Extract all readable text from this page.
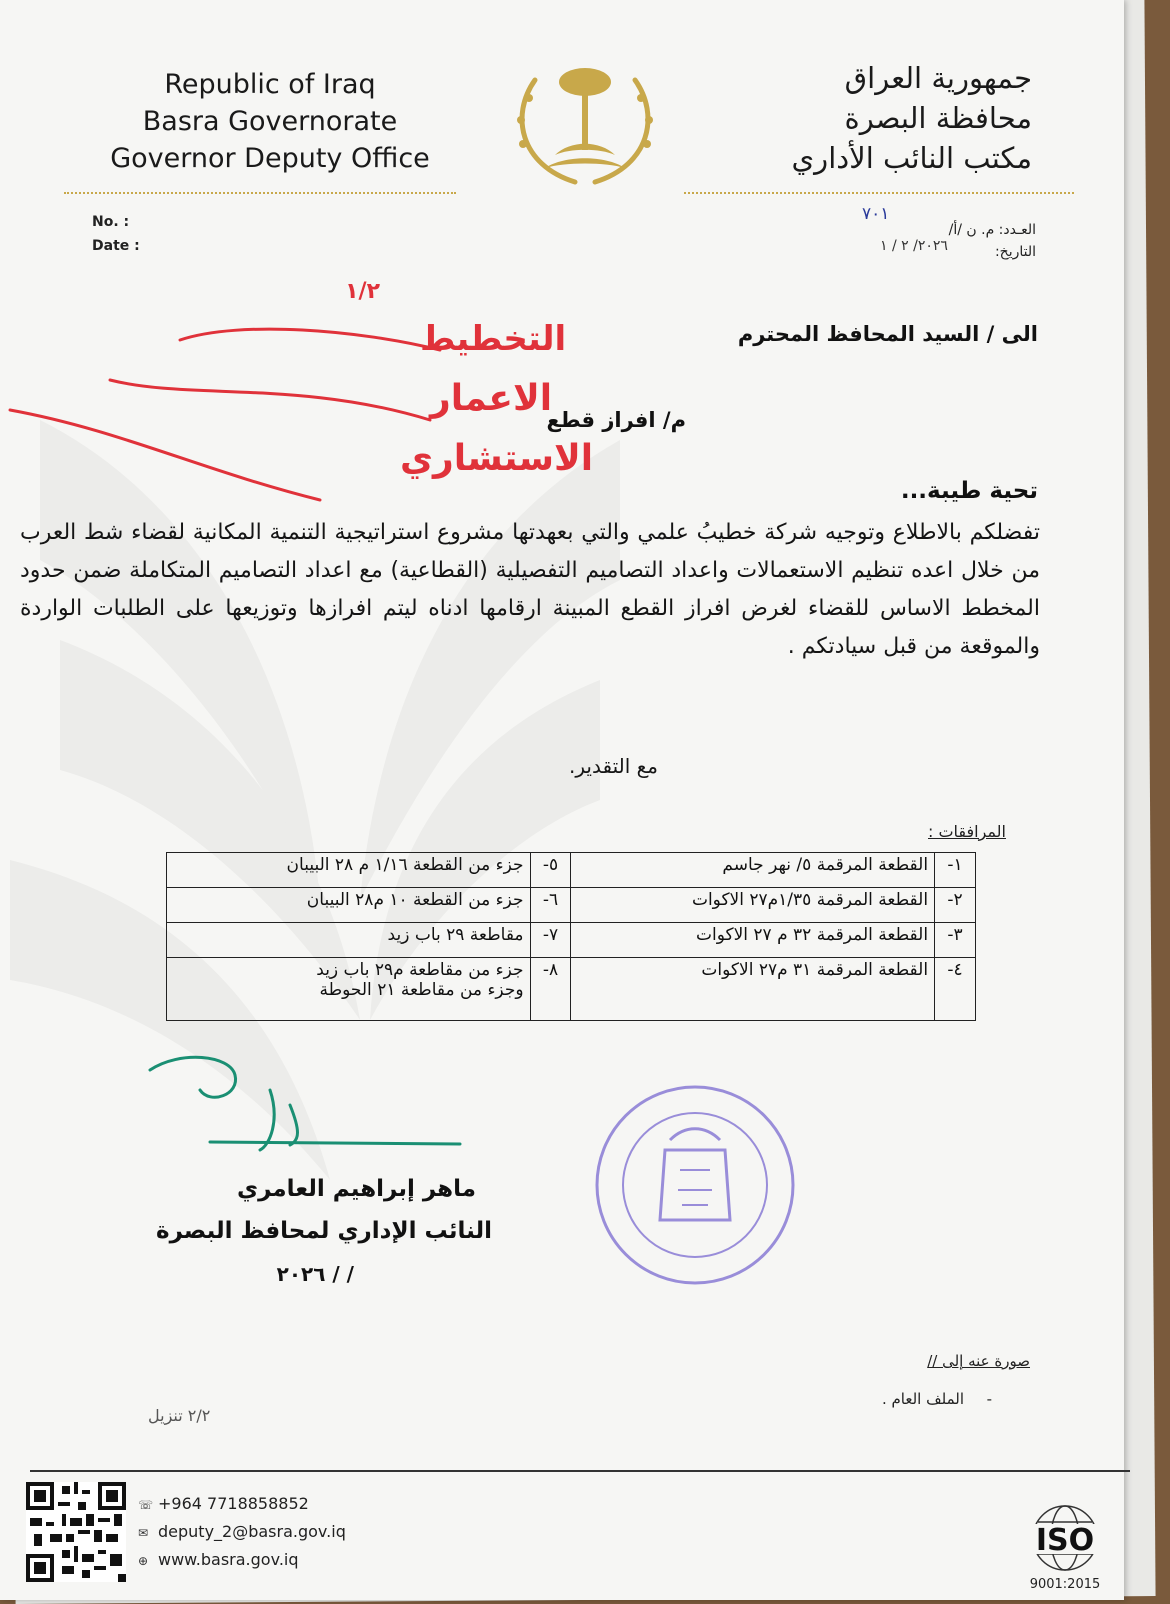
Republic of Iraq
Basra Governorate
Governor Deputy Office
جمهورية العراق
محافظة البصرة
مكتب النائب الأداري
No. :
Date :
العـدد: م. ن /أ/
التاريخ:
٧٠١
٢٠٢٦/ ٢ / ١
الى / السيد المحافظ المحترم
م/ افراز قطع
تحية طيبة...
تفضلكم بالاطلاع وتوجيه شركة خطيبُ علمي والتي بعهدتها مشروع استراتيجية التنمية المكانية لقضاء شط العرب من خلال اعده تنظيم الاستعمالات واعداد التصاميم التفصيلية (القطاعية) مع اعداد التصاميم المتكاملة ضمن حدود المخطط الاساس للقضاء لغرض افراز القطع المبينة ارقامها ادناه ليتم افرازها وتوزيعها على الطلبات الواردة والموقعة من قبل سيادتكم .
مع التقدير.
المرافقات :
١-	القطعة المرقمة ٥/ نهر جاسم	٥-	جزء من القطعة ١/١٦ م ٢٨ البيبان
٢-	القطعة المرقمة ١/٣٥م٢٧ الاكوات	٦-	جزء من القطعة ١٠ م٢٨ البيبان
٣-	القطعة المرقمة ٣٢ م ٢٧ الاكوات	٧-	مقاطعة ٢٩ باب زيد
٤-	القطعة المرقمة ٣١ م٢٧ الاكوات	٨-	جزء من مقاطعة م٢٩ باب زيد
وجزء من مقاطعة ٢١ الحوطة
١/٢
التخطيط
الاعمار
الاستشاري
ماهر إبراهيم العامري
النائب الإداري لمحافظ البصرة
/ / ٢٠٢٦
صورة عنه إلى //
-
الملف العام .
٢/٢ تنزيل
☏ +964 7718858852
✉ deputy_2@basra.gov.iq
⊕ www.basra.gov.iq
ISO
9001:2015
